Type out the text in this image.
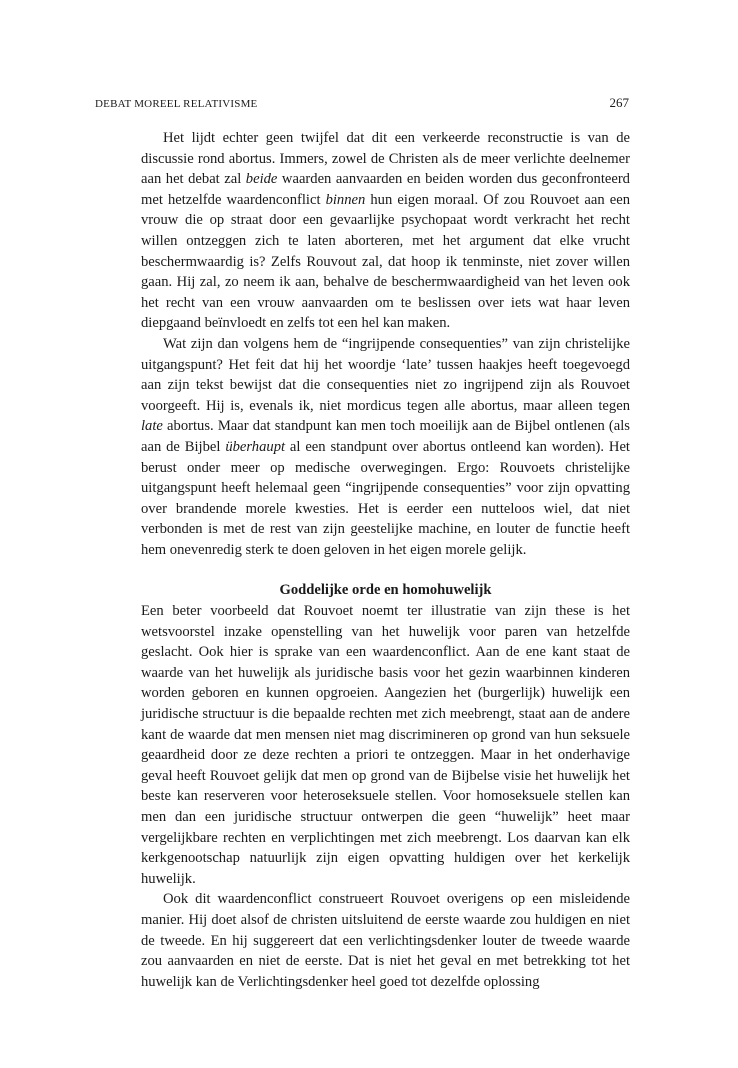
DEBAT MOREEL RELATIVISME	267

Het lijdt echter geen twijfel dat dit een verkeerde reconstructie is van de discussie rond abortus. Immers, zowel de Christen als de meer verlichte deelnemer aan het debat zal beide waarden aanvaarden en beiden worden dus geconfronteerd met hetzelfde waardenconflict binnen hun eigen moraal. Of zou Rouvoet aan een vrouw die op straat door een gevaarlijke psychopaat wordt verkracht het recht willen ontzeggen zich te laten aborteren, met het argument dat elke vrucht beschermwaardig is? Zelfs Rouvout zal, dat hoop ik tenminste, niet zover willen gaan. Hij zal, zo neem ik aan, behalve de beschermwaardigheid van het leven ook het recht van een vrouw aanvaarden om te beslissen over iets wat haar leven diepgaand beïnvloedt en zelfs tot een hel kan maken.

Wat zijn dan volgens hem de “ingrijpende consequenties” van zijn christelijke uitgangspunt? Het feit dat hij het woordje ‘late’ tussen haakjes heeft toegevoegd aan zijn tekst bewijst dat die consequenties niet zo ingrijpend zijn als Rouvoet voorgeeft. Hij is, evenals ik, niet mordicus tegen alle abortus, maar alleen tegen late abortus. Maar dat standpunt kan men toch moeilijk aan de Bijbel ontlenen (als aan de Bijbel überhaupt al een standpunt over abortus ontleend kan worden). Het berust onder meer op medische overwegingen. Ergo: Rouvoets christelijke uitgangspunt heeft helemaal geen “ingrijpende consequenties” voor zijn opvatting over brandende morele kwesties. Het is eerder een nutteloos wiel, dat niet verbonden is met de rest van zijn geestelijke machine, en louter de functie heeft hem onevenredig sterk te doen geloven in het eigen morele gelijk.

Goddelijke orde en homohuwelijk

Een beter voorbeeld dat Rouvoet noemt ter illustratie van zijn these is het wetsvoorstel inzake openstelling van het huwelijk voor paren van hetzelfde geslacht. Ook hier is sprake van een waardenconflict. Aan de ene kant staat de waarde van het huwelijk als juridische basis voor het gezin waarbinnen kinderen worden geboren en kunnen opgroeien. Aangezien het (burgerlijk) huwelijk een juridische structuur is die bepaalde rechten met zich meebrengt, staat aan de andere kant de waarde dat men mensen niet mag discrimineren op grond van hun seksuele geaardheid door ze deze rechten a priori te ontzeggen. Maar in het onderhavige geval heeft Rouvoet gelijk dat men op grond van de Bijbelse visie het huwelijk het beste kan reserveren voor heteroseksuele stellen. Voor homoseksuele stellen kan men dan een juridische structuur ontwerpen die geen “huwelijk” heet maar vergelijkbare rechten en verplichtingen met zich meebrengt. Los daarvan kan elk kerkgenootschap natuurlijk zijn eigen opvatting huldigen over het kerkelijk huwelijk.

Ook dit waardenconflict construeert Rouvoet overigens op een misleidende manier. Hij doet alsof de christen uitsluitend de eerste waarde zou huldigen en niet de tweede. En hij suggereert dat een verlichtingsdenker louter de tweede waarde zou aanvaarden en niet de eerste. Dat is niet het geval en met betrekking tot het huwelijk kan de Verlichtingsdenker heel goed tot dezelfde oplossing
